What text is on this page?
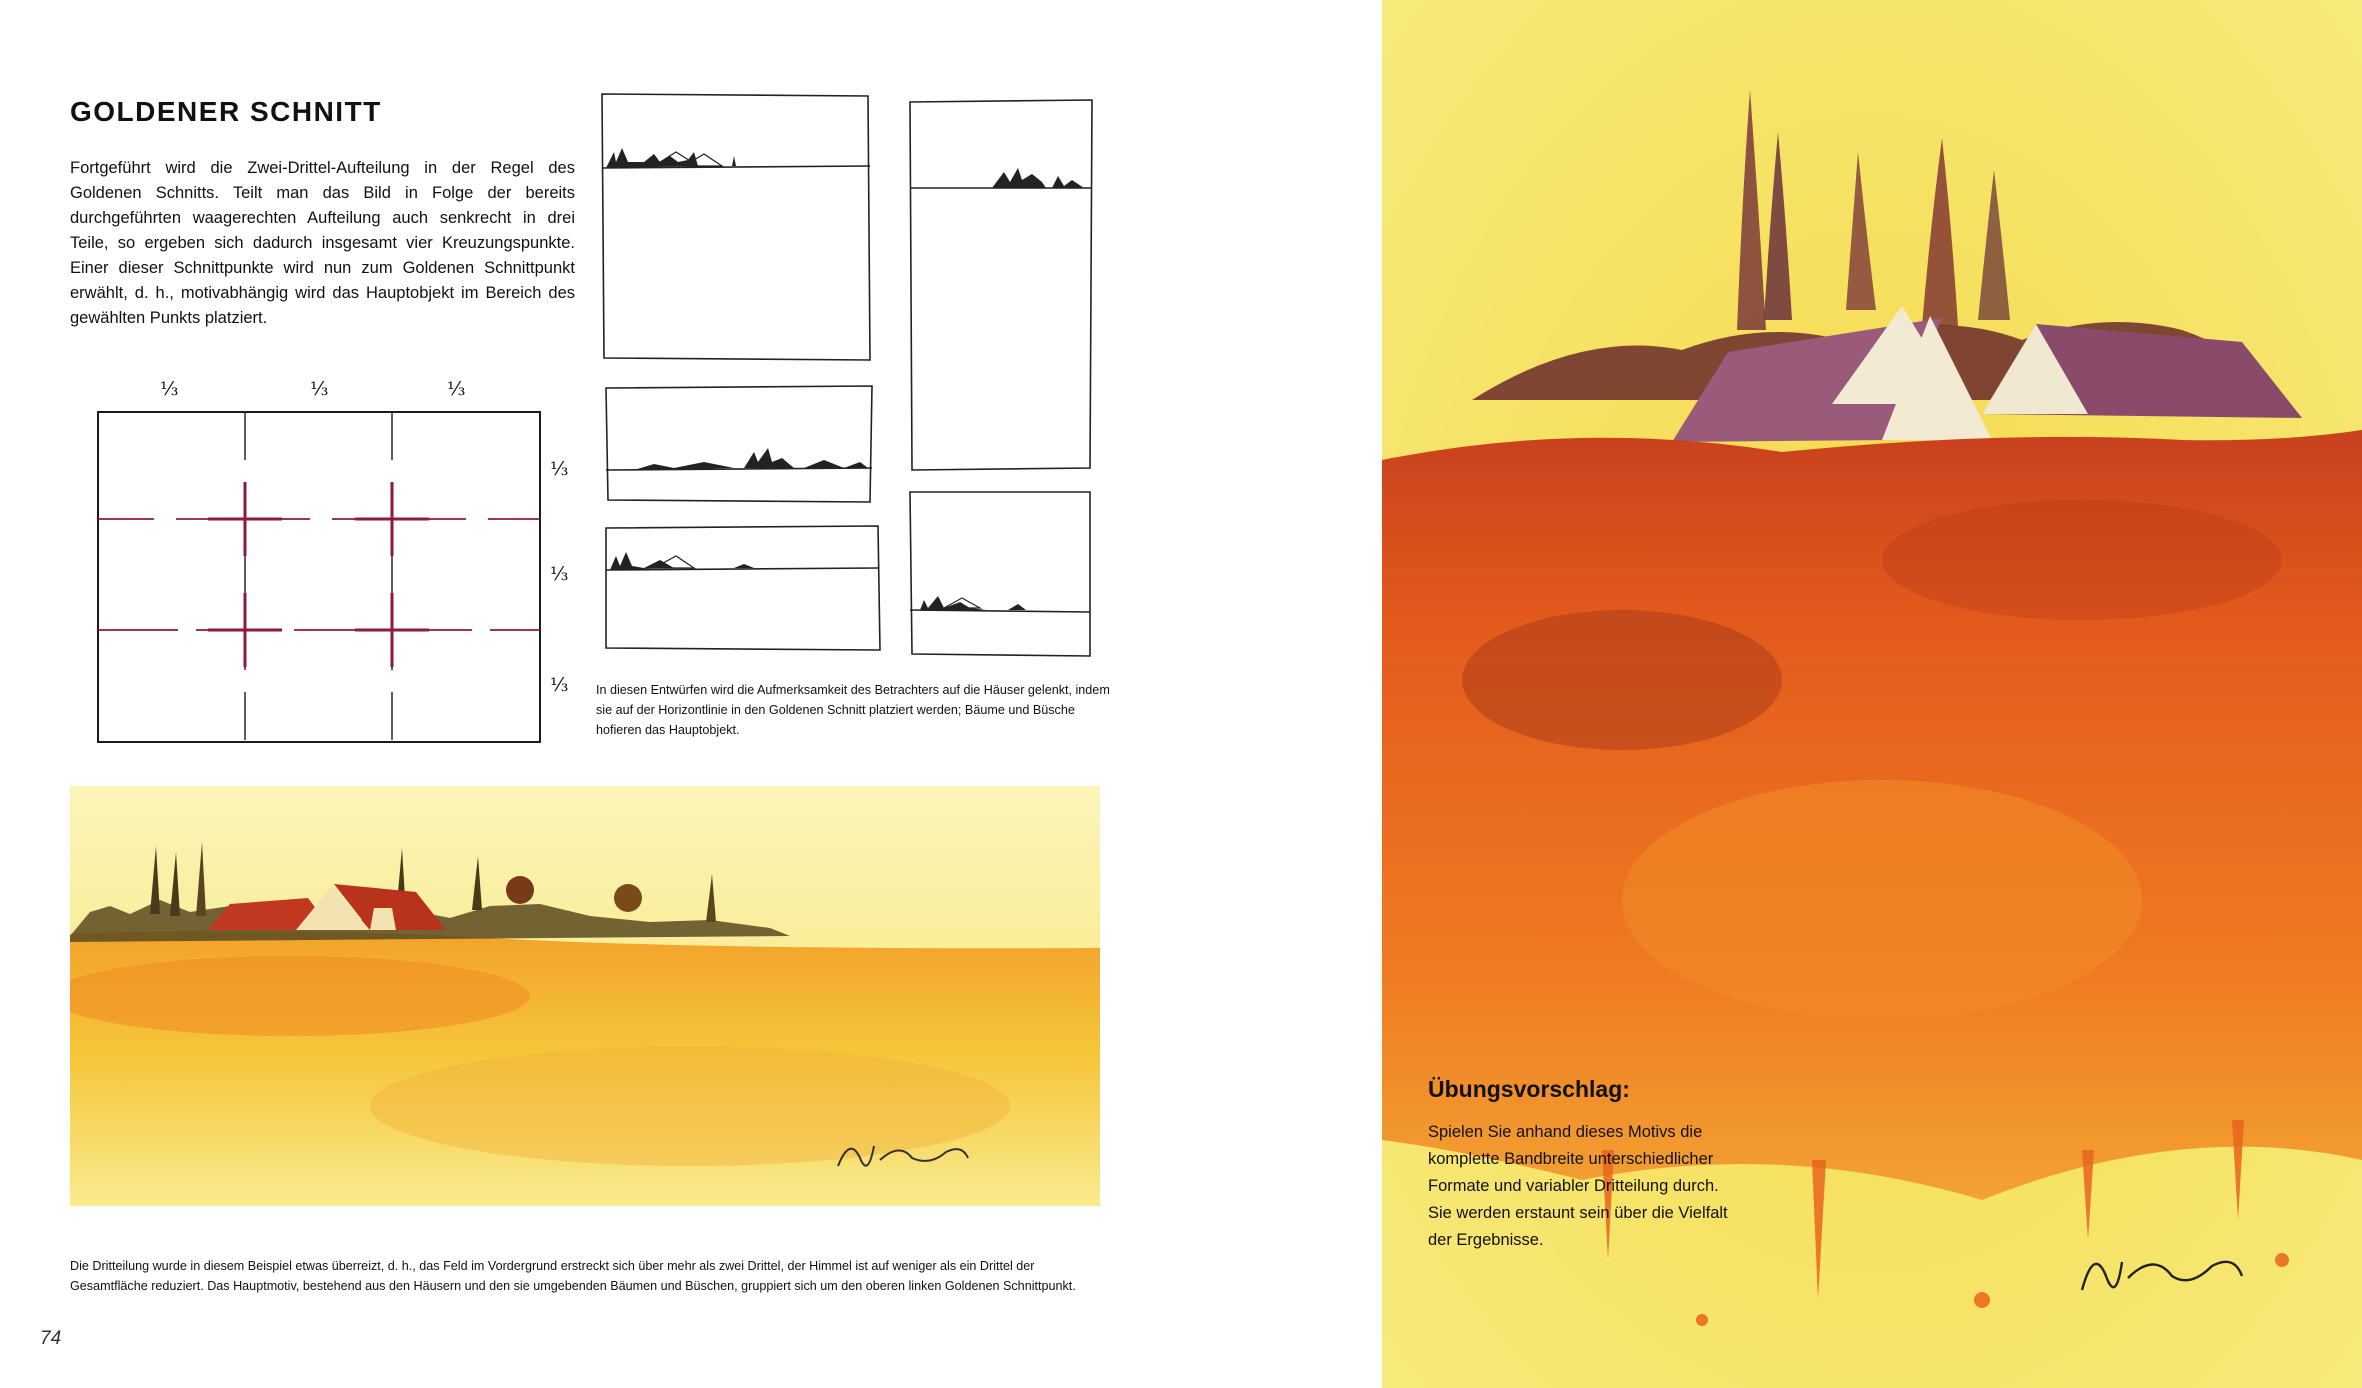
GOLDENER SCHNITT
Fortgeführt wird die Zwei-Drittel-Aufteilung in der Regel des Goldenen Schnitts. Teilt man das Bild in Folge der bereits durchgeführten waagerechten Aufteilung auch senkrecht in drei Teile, so ergeben sich dadurch insgesamt vier Kreuzungspunkte. Einer dieser Schnittpunkte wird nun zum Goldenen Schnittpunkt erwählt, d. h., motivabhängig wird das Hauptobjekt im Bereich des gewählten Punkts platziert.
⅓	⅓	⅓
⅓
⅓
⅓ In diesen Entwürfen wird die Aufmerksamkeit des Betrachters auf die Häuser gelenkt, indem sie auf der Horizontlinie in den Goldenen Schnitt platziert werden; Bäume und Büsche hofieren das Hauptobjekt.
Die Dritteilung wurde in diesem Beispiel etwas überreizt, d. h., das Feld im Vordergrund erstreckt sich über mehr als zwei Drittel, der Himmel ist auf weniger als ein Drittel der Gesamtfläche reduziert. Das Hauptmotiv, bestehend aus den Häusern und den sie umgebenden Bäumen und Büschen, gruppiert sich um den oberen linken Goldenen Schnittpunkt.
74
Übungsvorschlag:
Spielen Sie anhand dieses Motivs die komplette Bandbreite unterschiedlicher Formate und variabler Dritteilung durch. Sie werden erstaunt sein über die Vielfalt der Ergebnisse.
